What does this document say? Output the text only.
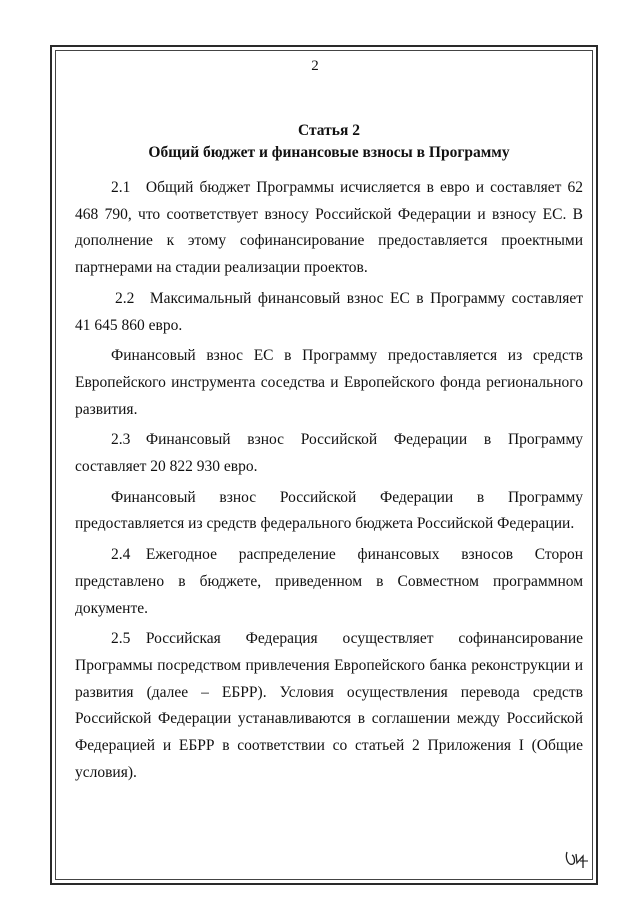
2
Статья 2
Общий бюджет и финансовые взносы в Программу

2.1 Общий бюджет Программы исчисляется в евро и составляет 62 468 790, что соответствует взносу Российской Федерации и взносу ЕС. В дополнение к этому софинансирование предоставляется проектными партнерами на стадии реализации проектов.

2.2 Максимальный финансовый взнос ЕС в Программу составляет 41 645 860 евро.

Финансовый взнос ЕС в Программу предоставляется из средств Европейского инструмента соседства и Европейского фонда регионального развития.

2.3 Финансовый взнос Российской Федерации в Программу составляет 20 822 930 евро.

Финансовый взнос Российской Федерации в Программу предоставляется из средств федерального бюджета Российской Федерации.

2.4 Ежегодное распределение финансовых взносов Сторон представлено в бюджете, приведенном в Совместном программном документе.

2.5 Российская Федерация осуществляет софинансирование Программы посредством привлечения Европейского банка реконструкции и развития (далее – ЕБРР). Условия осуществления перевода средств Российской Федерации устанавливаются в соглашении между Российской Федерацией и ЕБРР в соответствии со статьей 2 Приложения I (Общие условия).
